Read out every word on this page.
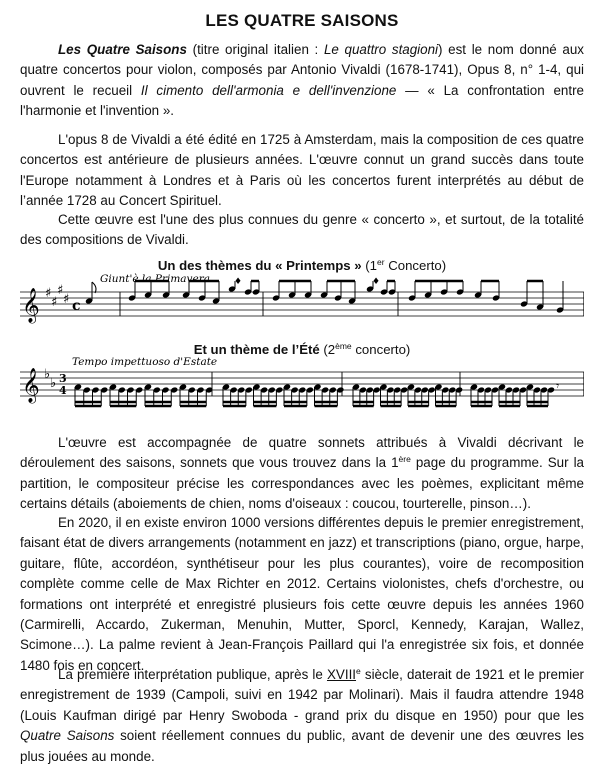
LES QUATRE SAISONS

Les Quatre Saisons (titre original italien : Le quattro stagioni) est le nom donné aux quatre concertos pour violon, composés par Antonio Vivaldi (1678-1741), Opus 8, n° 1-4, qui ouvrent le recueil Il cimento dell'armonia e dell'invenzione — « La confrontation entre l'harmonie et l'invention ».

L'opus 8 de Vivaldi a été édité en 1725 à Amsterdam, mais la composition de ces quatre concertos est antérieure de plusieurs années. L'œuvre connut un grand succès dans toute l'Europe notamment à Londres et à Paris où les concertos furent interprétés au début de l’année 1728 au Concert Spirituel.

Cette œuvre est l'une des plus connues du genre « concerto », et surtout, de la totalité des compositions de Vivaldi.

Un des thèmes du « Printemps » (1er Concerto)
Giunt'è la Primavera
𝄞 ♯
♯
♯
♯ c
♦	♦
Et un thème de l’Été (2ème concerto)
Tempo impettuoso d'Estate
𝄞 ♭
♭ 3
4	𝄾

L'œuvre est accompagnée de quatre sonnets attribués à Vivaldi décrivant le déroulement des saisons, sonnets que vous trouvez dans la 1ère page du programme. Sur la partition, le compositeur précise les correspondances avec les poèmes, explicitant même certains détails (aboiements de chien, noms d'oiseaux : coucou, tourterelle, pinson…).

En 2020, il en existe environ 1000 versions différentes depuis le premier enregistrement, faisant état de divers arrangements (notamment en jazz) et transcriptions (piano, orgue, harpe, guitare, flûte, accordéon, synthétiseur pour les plus courantes), voire de recomposition complète comme celle de Max Richter en 2012. Certains violonistes, chefs d'orchestre, ou formations ont interprété et enregistré plusieurs fois cette œuvre depuis les années 1960 (Carmirelli, Accardo, Zukerman, Menuhin, Mutter, Sporcl, Kennedy, Karajan, Wallez, Scimone…). La palme revient à Jean-François Paillard qui l'a enregistrée six fois, et donnée 1480 fois en concert.

La première interprétation publique, après le XVIIIe siècle, daterait de 1921 et le premier enregistrement de 1939 (Campoli, suivi en 1942 par Molinari). Mais il faudra attendre 1948 (Louis Kaufman dirigé par Henry Swoboda - grand prix du disque en 1950) pour que les Quatre Saisons soient réellement connues du public, avant de devenir une des œuvres les plus jouées au monde.
